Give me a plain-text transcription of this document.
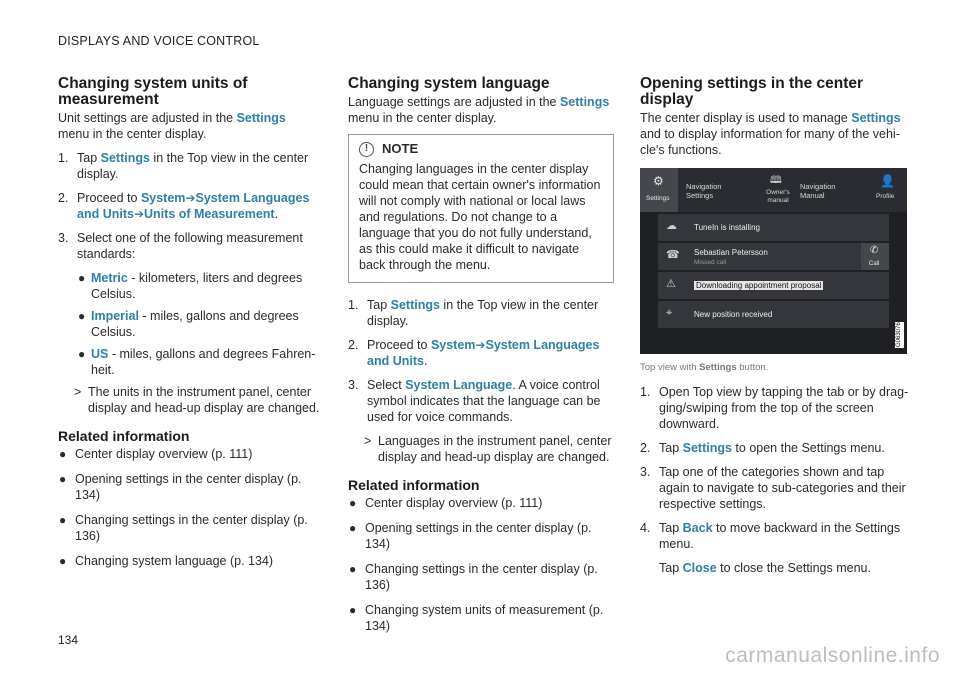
DISPLAYS AND VOICE CONTROL
Changing system units of measurement

Unit settings are adjusted in the Settings menu in the center display.

1. Tap Settings in the Top view in the center display.
2. Proceed to System➔System Languages and Units➔Units of Measurement.
3. Select one of the following measurement standards:
● Metric - kilometers, liters and degrees Celsius.
● Imperial - miles, gallons and degrees Celsius.
● US - miles, gallons and degrees Fahren-heit.
> The units in the instrument panel, center display and head-up display are changed.
Related information
● Center display overview (p. 111)
● Opening settings in the center display (p. 134)
● Changing settings in the center display (p. 136)
● Changing system language (p. 134)
Changing system language

Language settings are adjusted in the Settings menu in the center display.

!	NOTE
Changing languages in the center display could mean that certain owner's information will not comply with national or local laws and regulations. Do not change to a language that you do not fully understand, as this could make it difficult to navigate back through the menu.
1. Tap Settings in the Top view in the center display.
2. Proceed to System➔System Languages and Units.
3. Select System Language. A voice control symbol indicates that the language can be used for voice commands.
> Languages in the instrument panel, center display and head-up display are changed.
Related information
● Center display overview (p. 111)
● Opening settings in the center display (p. 134)
● Changing settings in the center display (p. 136)
● Changing system units of measurement (p. 134)
Opening settings in the center display

The center display is used to manage Settings and to display information for many of the vehi-cle's functions.

⚙
Settings
Navigation Settings
🕮
Owner's manual
Navigation Manual
👤
Profile
☁ TuneIn is installing
☎ Sebastian Petersson
Missed call
✆
Call
⚠	Downloading appointment proposal
⌖	New position received
G063076
Top view with Settings button.
1. Open Top view by tapping the tab or by drag-ging/swiping from the top of the screen downward.
2. Tap Settings to open the Settings menu.
3. Tap one of the categories shown and tap again to navigate to sub-categories and their respective settings.
4. Tap Back to move backward in the Settings menu.
Tap Close to close the Settings menu.
134
carmanualsonline.info
